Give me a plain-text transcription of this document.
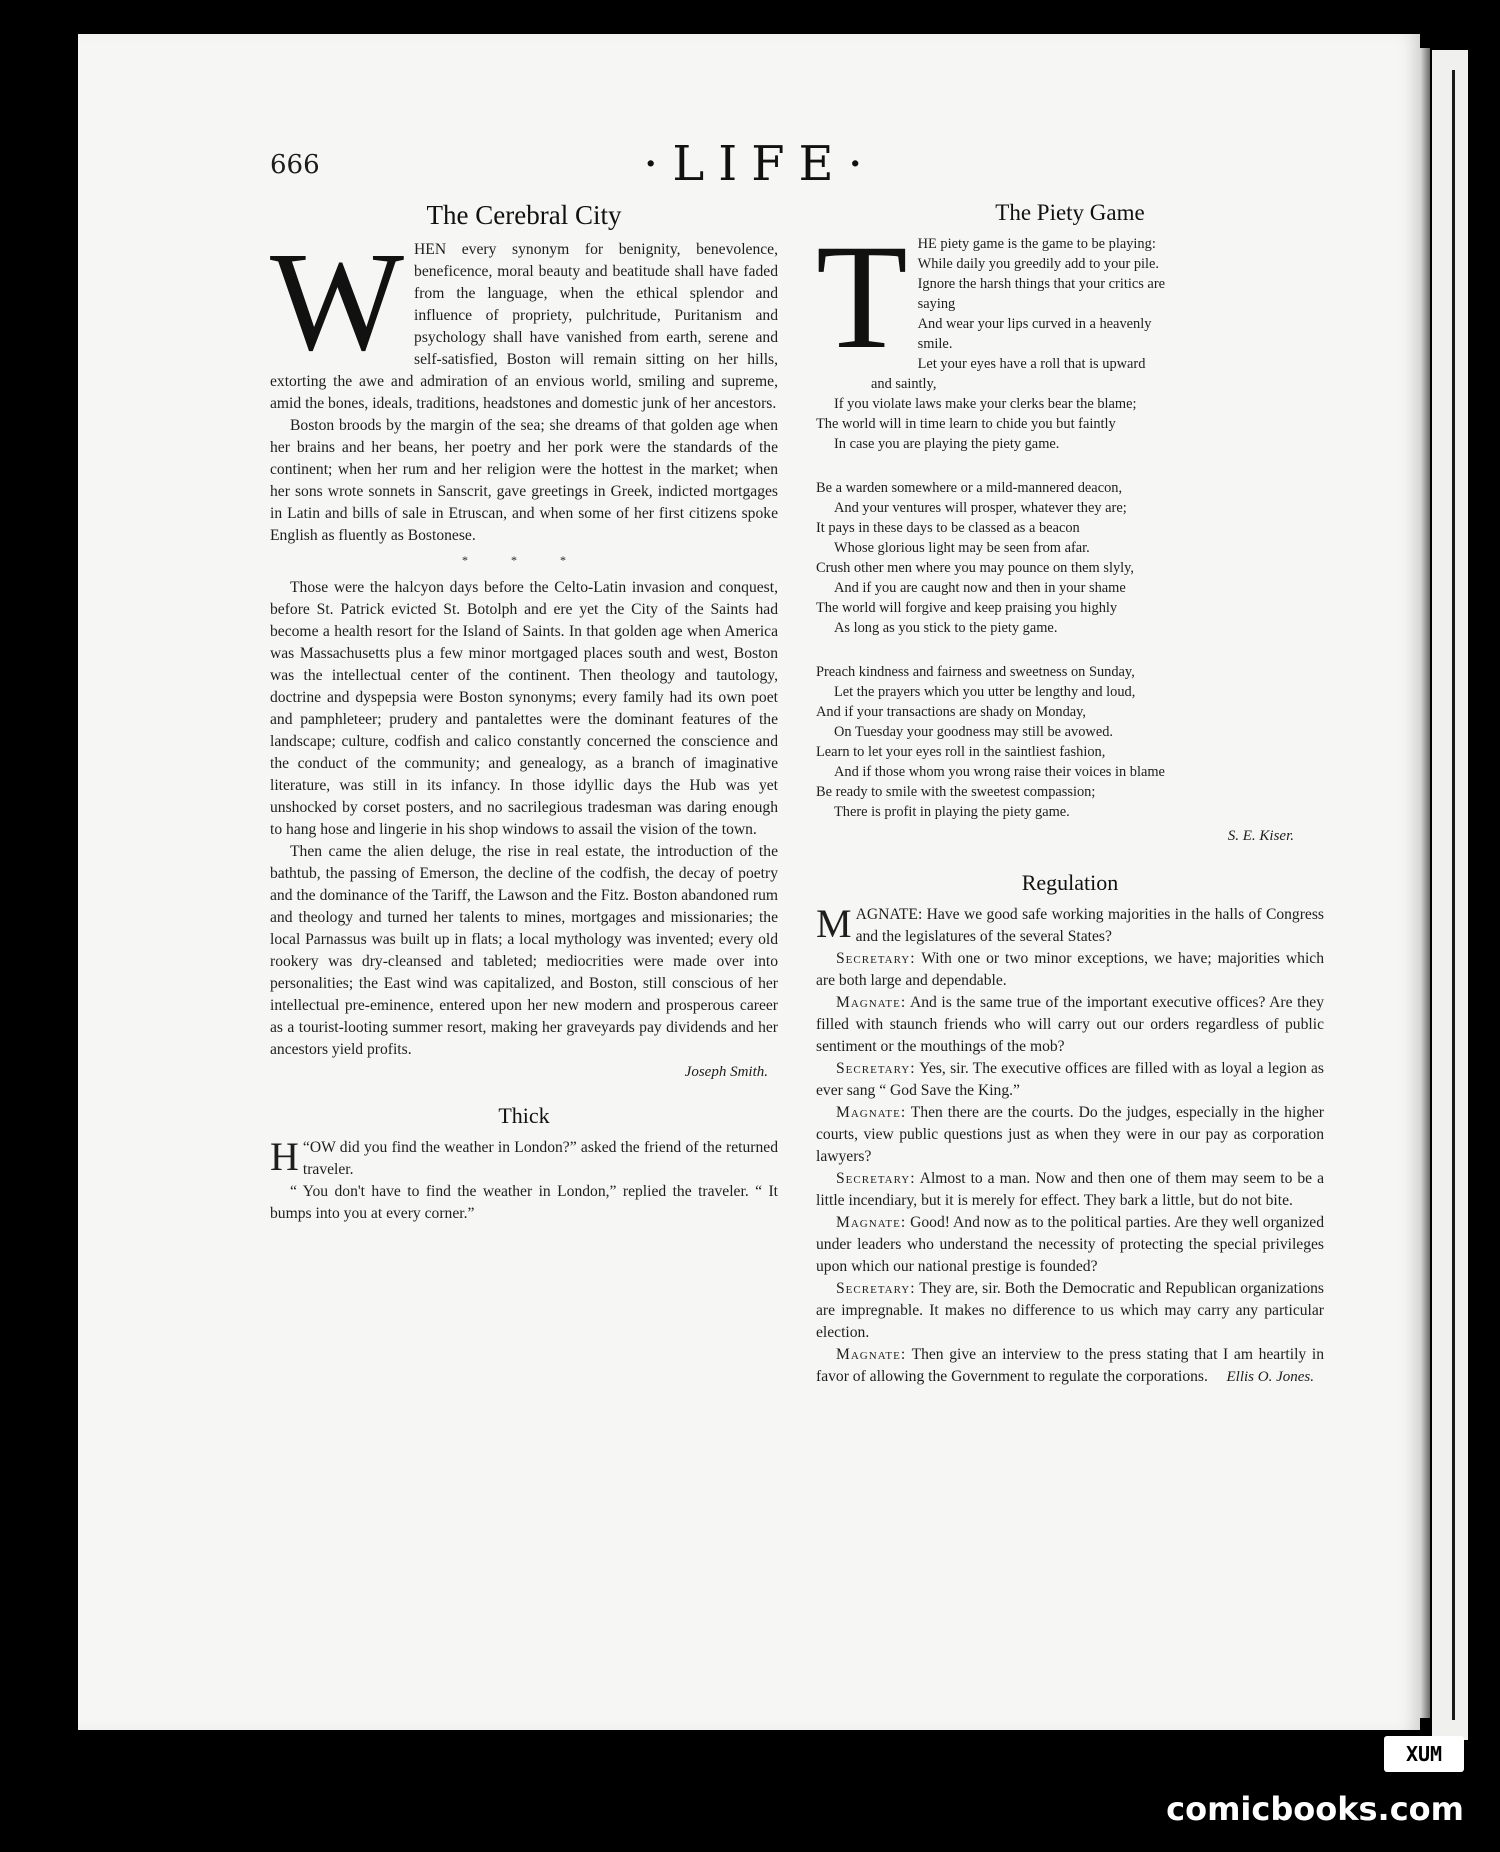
666	·LIFE·
The Cerebral City

WHEN every synonym for benignity, benevolence, beneficence, moral beauty and beatitude shall have faded from the language, when the ethical splendor and influence of propriety, pulchritude, Puritanism and psychology shall have vanished from earth, serene and self-satisfied, Boston will remain sitting on her hills, extorting the awe and admiration of an envious world, smiling and supreme, amid the bones, ideals, traditions, headstones and domestic junk of her ancestors.

Boston broods by the margin of the sea; she dreams of that golden age when her brains and her beans, her poetry and her pork were the standards of the continent; when her rum and her religion were the hottest in the market; when her sons wrote sonnets in Sanscrit, gave greetings in Greek, indicted mortgages in Latin and bills of sale in Etruscan, and when some of her first citizens spoke English as fluently as Bostonese.

* * *

Those were the halcyon days before the Celto-Latin invasion and conquest, before St. Patrick evicted St. Botolph and ere yet the City of the Saints had become a health resort for the Island of Saints. In that golden age when America was Massachusetts plus a few minor mortgaged places south and west, Boston was the intellectual center of the continent. Then theology and tautology, doctrine and dyspepsia were Boston synonyms; every family had its own poet and pamphleteer; prudery and pantalettes were the dominant features of the landscape; culture, codfish and calico constantly concerned the conscience and the conduct of the community; and genealogy, as a branch of imaginative literature, was still in its infancy. In those idyllic days the Hub was yet unshocked by corset posters, and no sacrilegious tradesman was daring enough to hang hose and lingerie in his shop windows to assail the vision of the town.

Then came the alien deluge, the rise in real estate, the introduction of the bathtub, the passing of Emerson, the decline of the codfish, the decay of poetry and the dominance of the Tariff, the Lawson and the Fitz. Boston abandoned rum and theology and turned her talents to mines, mortgages and missionaries; the local Parnassus was built up in flats; a local mythology was invented; every old rookery was dry-cleansed and tableted; mediocrities were made over into personalities; the East wind was capitalized, and Boston, still conscious of her intellectual pre-eminence, entered upon her new modern and prosperous career as a tourist-looting summer resort, making her graveyards pay dividends and her ancestors yield profits.

Joseph Smith.
Thick

“
H OW did you find the weather in London?” asked the friend of the returned traveler.

“ You don't have to find the weather in London,” replied the traveler. “ It bumps into you at every corner.”

The Piety Game
T HE piety game is the game to be playing:
While daily you greedily add to your pile.
Ignore the harsh things that your critics are
saying
And wear your lips curved in a heavenly
smile.
Let your eyes have a roll that is upward
and saintly,
If you violate laws make your clerks bear the blame;
The world will in time learn to chide you but faintly
In case you are playing the piety game.
Be a warden somewhere or a mild-mannered deacon,
And your ventures will prosper, whatever they are;
It pays in these days to be classed as a beacon
Whose glorious light may be seen from afar.
Crush other men where you may pounce on them slyly,
And if you are caught now and then in your shame
The world will forgive and keep praising you highly
As long as you stick to the piety game.
Preach kindness and fairness and sweetness on Sunday,
Let the prayers which you utter be lengthy and loud,
And if your transactions are shady on Monday,
On Tuesday your goodness may still be avowed.
Learn to let your eyes roll in the saintliest fashion,
And if those whom you wrong raise their voices in blame
Be ready to smile with the sweetest compassion;
There is profit in playing the piety game.
S. E. Kiser.
Regulation

MAGNATE: Have we good safe working majorities in the halls of Congress and the legislatures of the several States?

Secretary: With one or two minor exceptions, we have; majorities which are both large and dependable.

Magnate: And is the same true of the important executive offices? Are they filled with staunch friends who will carry out our orders regardless of public sentiment or the mouthings of the mob?

Secretary: Yes, sir. The executive offices are filled with as loyal a legion as ever sang “ God Save the King.”

Magnate: Then there are the courts. Do the judges, especially in the higher courts, view public questions just as when they were in our pay as corporation lawyers?

Secretary: Almost to a man. Now and then one of them may seem to be a little incendiary, but it is merely for effect. They bark a little, but do not bite.

Magnate: Good! And now as to the political parties. Are they well organized under leaders who understand the necessity of protecting the special privileges upon which our national prestige is founded?

Secretary: They are, sir. Both the Democratic and Republican organizations are impregnable. It makes no difference to us which may carry any particular election.

Magnate: Then give an interview to the press stating that I am heartily in favor of allowing the Government to regulate the corporations.	Ellis O. Jones.
XUM
comicbooks.com
